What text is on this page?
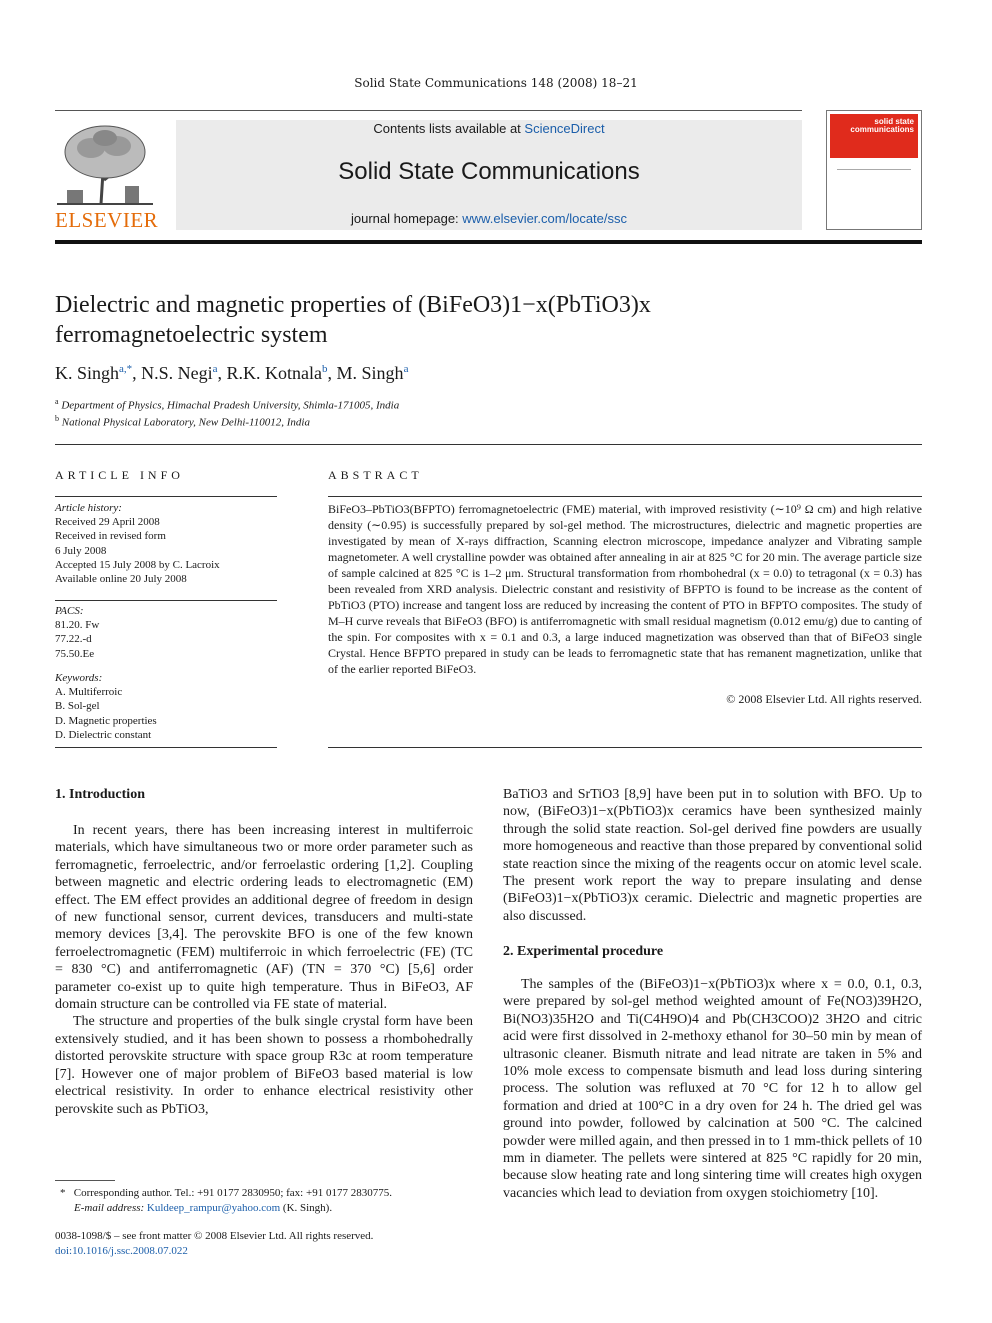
Solid State Communications 148 (2008) 18–21
ELSEVIER
Contents lists available at ScienceDirect
Solid State Communications
journal homepage: www.elsevier.com/locate/ssc
solid state communications
Dielectric and magnetic properties of (BiFeO3)1−x(PbTiO3)x
ferromagnetoelectric system
K. Singh$^{a,*}$, N.S. Negi$^a$, R.K. Kotnala$^b$, M. Singh$^a$
$^a$ Department of Physics, Himachal Pradesh University, Shimla-171005, India
$^b$ National Physical Laboratory, New Delhi-110012, India
ARTICLE INFO
Article history:
Received 29 April 2008
Received in revised form
6 July 2008
Accepted 15 July 2008 by C. Lacroix
Available online 20 July 2008
PACS:
81.20. Fw
77.22.-d
75.50.Ee
Keywords:
A. Multiferroic
B. Sol-gel
D. Magnetic properties
D. Dielectric constant
ABSTRACT
BiFeO3–PbTiO3(BFPTO) ferromagnetoelectric (FME) material, with improved resistivity (∼10⁹ Ω cm) and high relative density (∼0.95) is successfully prepared by sol-gel method. The microstructures, dielectric and magnetic properties are investigated by mean of X-rays diffraction, Scanning electron microscope, impedance analyzer and Vibrating sample magnetometer. A well crystalline powder was obtained after annealing in air at 825 °C for 20 min. The average particle size of sample calcined at 825 °C is 1–2 μm. Structural transformation from rhombohedral (x = 0.0) to tetragonal (x = 0.3) has been revealed from XRD analysis. Dielectric constant and resistivity of BFPTO is found to be increase as the content of PbTiO3 (PTO) increase and tangent loss are reduced by increasing the content of PTO in BFPTO composites. The study of M–H curve reveals that BiFeO3 (BFO) is antiferromagnetic with small residual magnetism (0.012 emu/g) due to canting of the spin. For composites with x = 0.1 and 0.3, a large induced magnetization was observed than that of BiFeO3 single Crystal. Hence BFPTO prepared in study can be leads to ferromagnetic state that has remanent magnetization, unlike that of the earlier reported BiFeO3.
© 2008 Elsevier Ltd. All rights reserved.
1. Introduction

In recent years, there has been increasing interest in multiferroic materials, which have simultaneous two or more order parameter such as ferromagnetic, ferroelectric, and/or ferroelastic ordering [1,2]. Coupling between magnetic and electric ordering leads to electromagnetic (EM) effect. The EM effect provides an additional degree of freedom in design of new functional sensor, current devices, transducers and multi-state memory devices [3,4]. The perovskite BFO is one of the few known ferroelectromagnetic (FEM) multiferroic in which ferroelectric (FE) (TC = 830 °C) and antiferromagnetic (AF) (TN = 370 °C) [5,6] order parameter co-exist up to quite high temperature. Thus in BiFeO3, AF domain structure can be controlled via FE state of material.

The structure and properties of the bulk single crystal form have been extensively studied, and it has been shown to possess a rhombohedrally distorted perovskite structure with space group R3c at room temperature [7]. However one of major problem of BiFeO3 based material is low electrical resistivity. In order to enhance electrical resistivity other perovskite such as PbTiO3,

BaTiO3 and SrTiO3 [8,9] have been put in to solution with BFO. Up to now, (BiFeO3)1−x(PbTiO3)x ceramics have been synthesized mainly through the solid state reaction. Sol-gel derived fine powders are usually more homogeneous and reactive than those prepared by conventional solid state reaction since the mixing of the reagents occur on atomic level scale. The present work report the way to prepare insulating and dense (BiFeO3)1−x(PbTiO3)x ceramic. Dielectric and magnetic properties are also discussed.

2. Experimental procedure

The samples of the (BiFeO3)1−x(PbTiO3)x where x = 0.0, 0.1, 0.3, were prepared by sol-gel method weighted amount of Fe(NO3)39H2O, Bi(NO3)35H2O and Ti(C4H9O)4 and Pb(CH3COO)2 3H2O and citric acid were first dissolved in 2-methoxy ethanol for 30–50 min by mean of ultrasonic cleaner. Bismuth nitrate and lead nitrate are taken in 5% and 10% mole excess to compensate bismuth and lead loss during sintering process. The solution was refluxed at 70 °C for 12 h to allow gel formation and dried at 100°C in a dry oven for 24 h. The dried gel was ground into powder, followed by calcination at 500 °C. The calcined powder were milled again, and then pressed in to 1 mm-thick pellets of 10 mm in diameter. The pellets were sintered at 825 °C rapidly for 20 min, because slow heating rate and long sintering time will creates high oxygen vacancies which lead to deviation from oxygen stoichiometry [10].

* Corresponding author. Tel.: +91 0177 2830950; fax: +91 0177 2830775.
E-mail address: Kuldeep_rampur@yahoo.com (K. Singh).
0038-1098/$ – see front matter © 2008 Elsevier Ltd. All rights reserved.
doi:10.1016/j.ssc.2008.07.022
